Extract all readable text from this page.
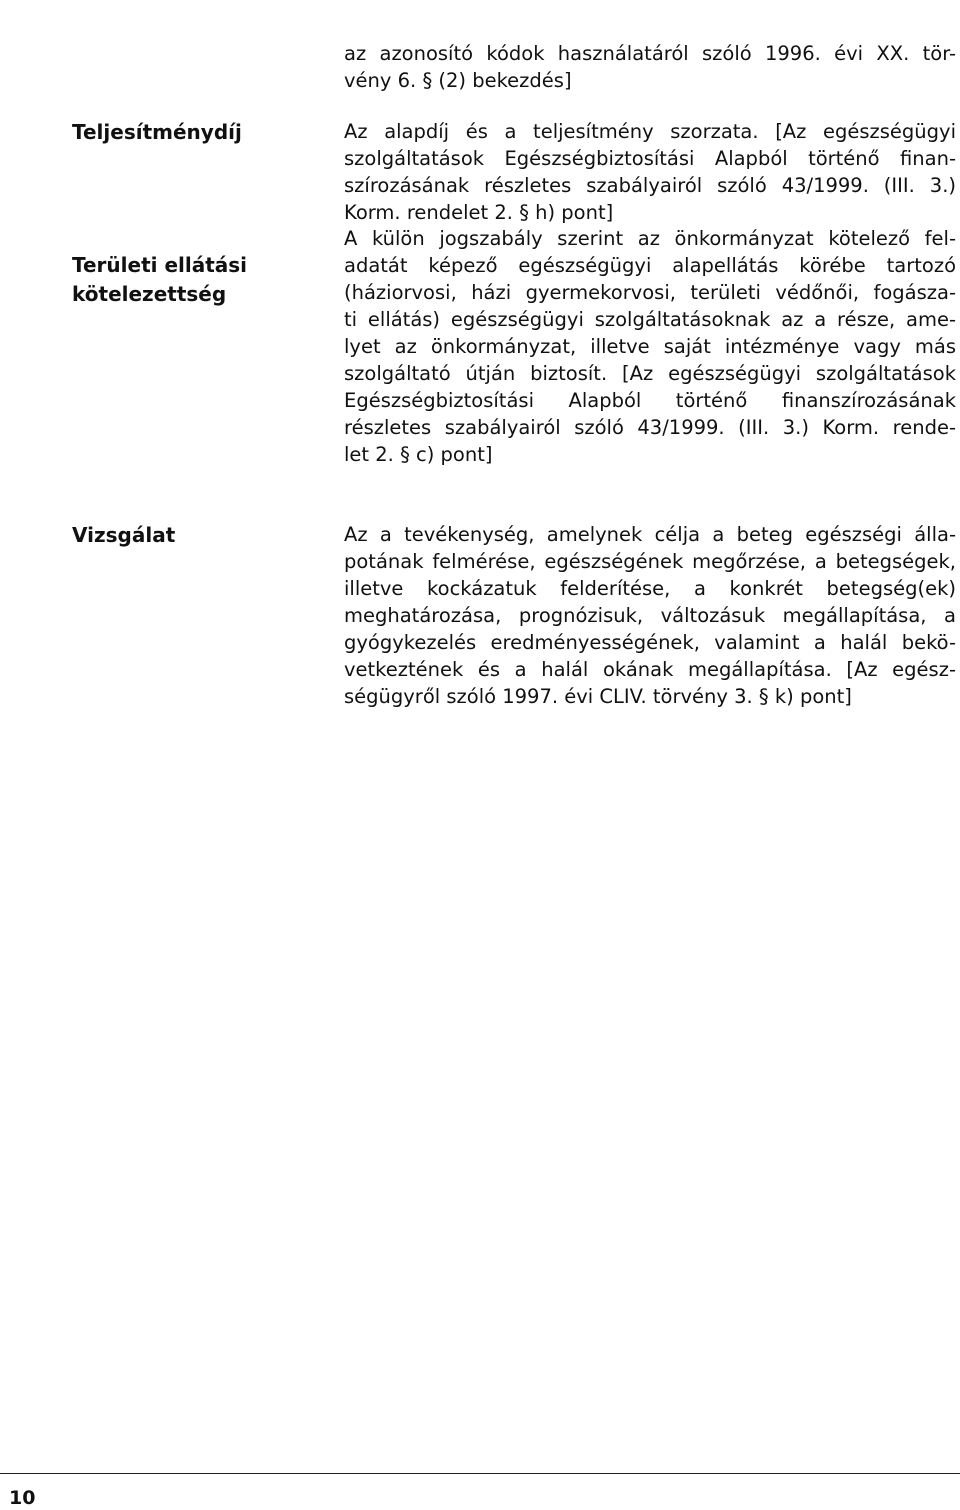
az azonosító kódok használatáról szóló 1996. évi XX. tör-
vény 6. § (2) bekezdés]
Teljesítménydíj	Az alapdíj és a teljesítmény szorzata. [Az egészségügyi
szolgáltatások Egészségbiztosítási Alapból történő finan-
szírozásának részletes szabályairól szóló 43/1999. (III. 3.)
Korm. rendelet 2. § h) pont]
Területi ellátási
kötelezettség
A külön jogszabály szerint az önkormányzat kötelező fel-
adatát képező egészségügyi alapellátás körébe tartozó
(háziorvosi, házi gyermekorvosi, területi védőnői, fogásza-
ti ellátás) egészségügyi szolgáltatásoknak az a része, ame-
lyet az önkormányzat, illetve saját intézménye vagy más
szolgáltató útján biztosít. [Az egészségügyi szolgáltatások
Egészségbiztosítási Alapból történő finanszírozásának
részletes szabályairól szóló 43/1999. (III. 3.) Korm. rende-
let 2. § c) pont]
Vizsgálat	Az a tevékenység, amelynek célja a beteg egészségi álla-
potának felmérése, egészségének megőrzése, a betegségek,
illetve kockázatuk felderítése, a konkrét betegség(ek)
meghatározása, prognózisuk, változásuk megállapítása, a
gyógykezelés eredményességének, valamint a halál bekö-
vetkeztének és a halál okának megállapítása. [Az egész-
ségügyről szóló 1997. évi CLIV. törvény 3. § k) pont]
10
